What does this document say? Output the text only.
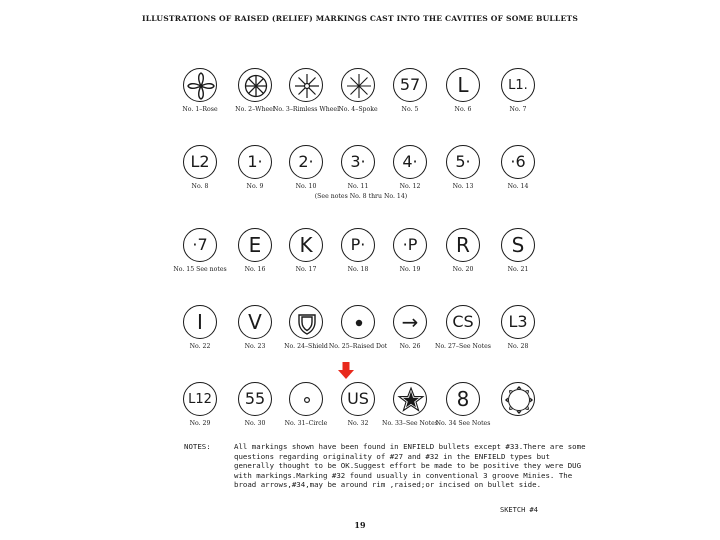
ILLUSTRATIONS OF RAISED (RELIEF) MARKINGS CAST INTO THE CAVITIES OF SOME BULLETS
No. 1–Rose	No. 2–Wheel
No. 3–Rimless Wheel No. 4–Spoke
57
No. 5
L
No. 6
L1.
No. 7
L2
No. 8
1·
No. 9
2·
No. 10
3·
No. 11
4·
No. 12
5·
No. 13
·6
No. 14
·7
No. 15 See notes
E
No. 16
K
No. 17
P·
No. 18
·P
No. 19
R
No. 20
S
No. 21
I
No. 22
V
No. 23	No. 24–Shield No. 25–Raised Dot
→
No. 26
CS
No. 27–See Notes
L3
No. 28
L12
No. 29
55
No. 30	No. 31–Circle
US
No. 32	No. 33–See Notes
8
No. 34 See Notes
(See notes No. 8 thru No. 14)
NOTES:	All markings shown have been found in ENFIELD bullets except #33.There are some questions regarding originality of #27 and #32 in the ENFIELD types but generally thought to be OK.Suggest effort be made to be positive they were DUG with markings.Marking #32 found usually in conventional 3 groove Minies. The broad arrows,#34,may be around rim ,raised;or incised on bullet side.
SKETCH #4
19
